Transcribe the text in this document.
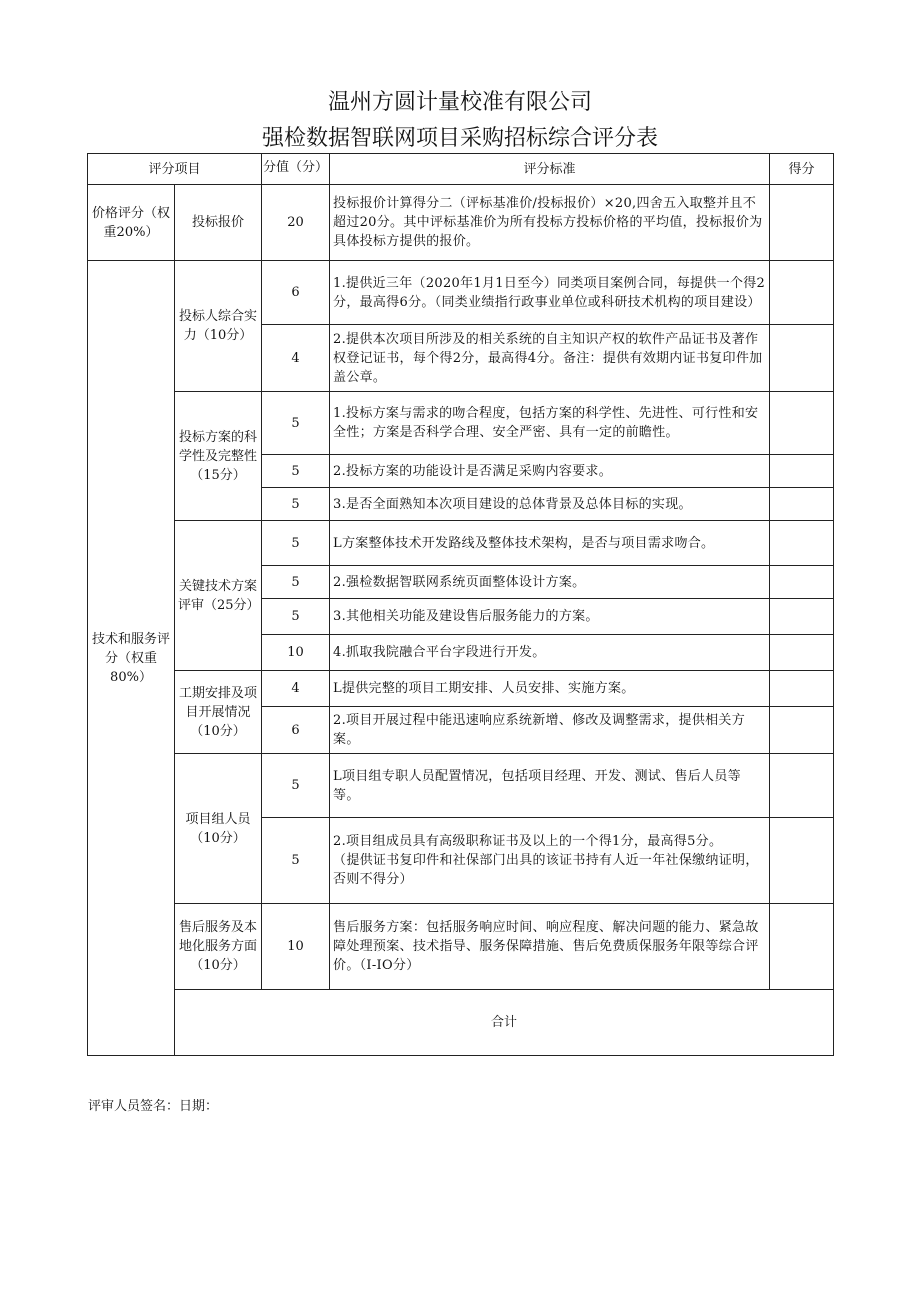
温州方圆计量校准有限公司
强检数据智联网项目采购招标综合评分表
评分项目		分值（分）	评分标准	得分	
价格评分（权重20%）	投标报价	20	投标报价计算得分二（评标基准价/投标报价）×20,四舍五入取整并且不超过20分。其中评标基准价为所有投标方投标价格的平均值，投标报价为具体投标方提供的报价。		
技术和服务评分（权重80%）	投标人综合实力（10分）	6	1.提供近三年（2020年1月1日至今）同类项目案例合同，每提供一个得2分，最高得6分。（同类业绩指行政事业单位或科研技术机构的项目建设）		
		4	2.提供本次项目所涉及的相关系统的自主知识产权的软件产品证书及著作权登记证书，每个得2分，最高得4分。备注：提供有效期内证书复印件加盖公章。		
	投标方案的科学性及完整性（15分）	5	1.投标方案与需求的吻合程度，包括方案的科学性、先进性、可行性和安全性；方案是否科学合理、安全严密、具有一定的前瞻性。		
		5	2.投标方案的功能设计是否满足采购内容要求。		
		5	3.是否全面熟知本次项目建设的总体背景及总体目标的实现。		
	关键技术方案评审（25分）	5	L方案整体技术开发路线及整体技术架构，是否与项目需求吻合。		
		5	2.强检数据智联网系统页面整体设计方案。		
		5	3.其他相关功能及建设售后服务能力的方案。		
		10	4.抓取我院融合平台字段进行开发。		
	工期安排及项目开展情况（10分）	4	L提供完整的项目工期安排、人员安排、实施方案。		
		6	2.项目开展过程中能迅速响应系统新增、修改及调整需求，提供相关方案。		
	项目组人员（10分）	5	L项目组专职人员配置情况，包括项目经理、开发、测试、售后人员等等。		
		5	2.项目组成员具有高级职称证书及以上的一个得1分，最高得5分。
（提供证书复印件和社保部门出具的该证书持有人近一年社保缴纳证明，否则不得分）		
	售后服务及本地化服务方面（10分）	10	售后服务方案：包括服务响应时间、响应程度、解决问题的能力、紧急故障处理预案、技术指导、服务保障措施、售后免费质保服务年限等综合评价。（I-IO分）		
	合计				
评审人员签名：日期：
